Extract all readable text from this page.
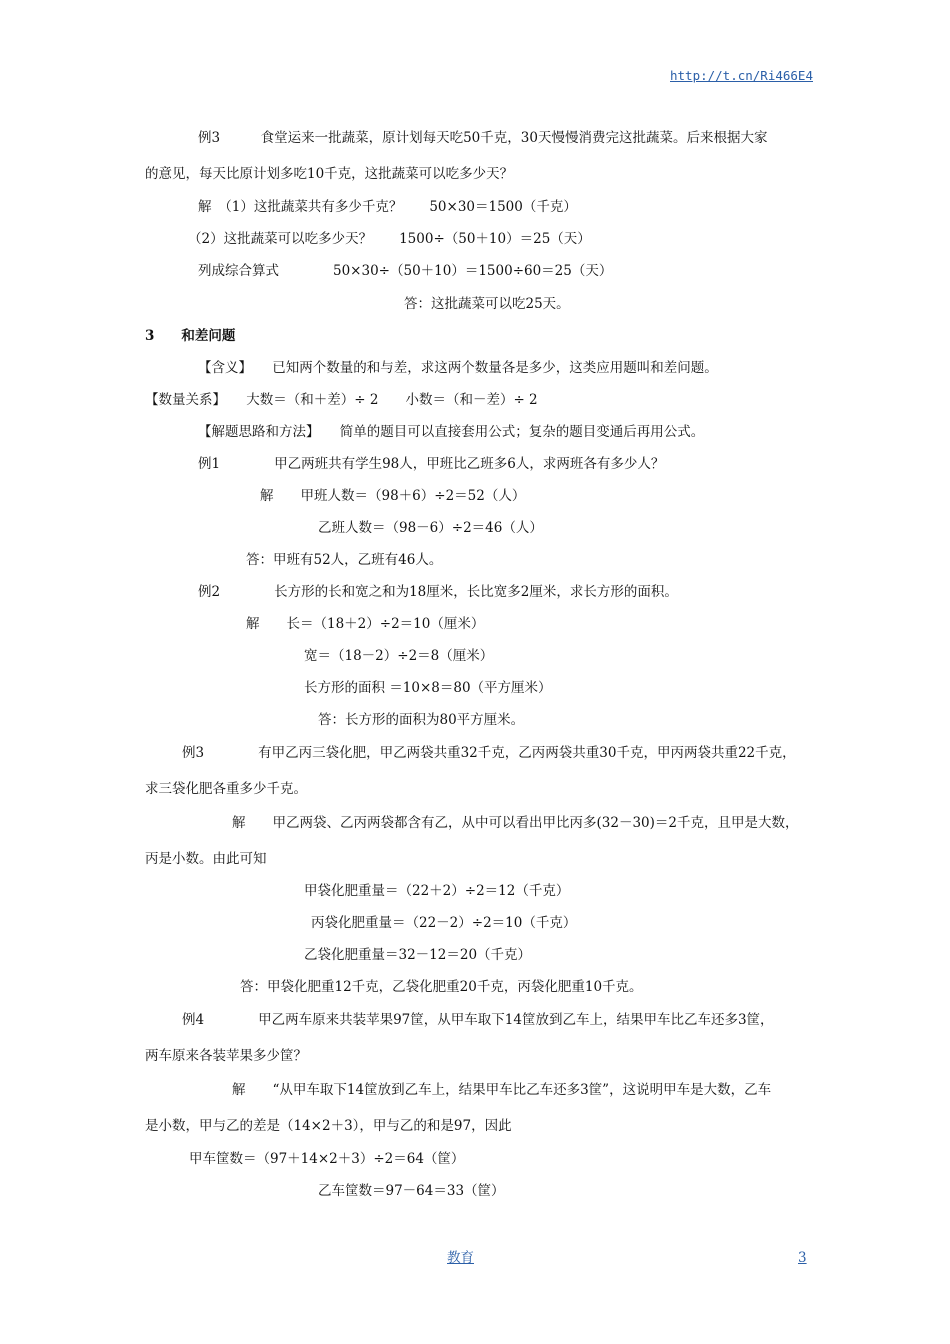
http://t.cn/Ri466E4
例3　　　食堂运来一批蔬菜，原计划每天吃50千克，30天慢慢消费完这批蔬菜。后来根据大家
的意见，每天比原计划多吃10千克，这批蔬菜可以吃多少天？
解　（1）这批蔬菜共有多少千克？　　50×30＝1500（千克）
（2）这批蔬菜可以吃多少天？　　1500÷（50＋10）＝25（天）
列成综合算式　　　　50×30÷（50＋10）＝1500÷60＝25（天）
答：这批蔬菜可以吃25天。
3　　和差问题
【含义】　　已知两个数量的和与差，求这两个数量各是多少，这类应用题叫和差问题。
【数量关系】　　大数＝（和＋差）÷ 2　　小数＝（和－差）÷ 2
【解题思路和方法】　　简单的题目可以直接套用公式；复杂的题目变通后再用公式。
例1　　　　甲乙两班共有学生98人，甲班比乙班多6人，求两班各有多少人？
解　　甲班人数＝（98＋6）÷2＝52（人）
乙班人数＝（98－6）÷2＝46（人）
答：甲班有52人，乙班有46人。
例2　　　　长方形的长和宽之和为18厘米，长比宽多2厘米，求长方形的面积。
解　　长＝（18＋2）÷2＝10（厘米）
宽＝（18－2）÷2＝8（厘米）
长方形的面积 ＝10×8＝80（平方厘米）
答：长方形的面积为80平方厘米。
例3　　　　有甲乙丙三袋化肥，甲乙两袋共重32千克，乙丙两袋共重30千克，甲丙两袋共重22千克，
求三袋化肥各重多少千克。
解　　甲乙两袋、乙丙两袋都含有乙，从中可以看出甲比丙多(32－30)＝2千克，且甲是大数，
丙是小数。由此可知
甲袋化肥重量＝（22＋2）÷2＝12（千克）
丙袋化肥重量＝（22－2）÷2＝10（千克）
乙袋化肥重量＝32－12＝20（千克）
答：甲袋化肥重12千克，乙袋化肥重20千克，丙袋化肥重10千克。
例4　　　　甲乙两车原来共装苹果97筐，从甲车取下14筐放到乙车上，结果甲车比乙车还多3筐，
两车原来各装苹果多少筐？
解　　“从甲车取下14筐放到乙车上，结果甲车比乙车还多3筐”，这说明甲车是大数，乙车
是小数，甲与乙的差是（14×2＋3），甲与乙的和是97，因此
甲车筐数＝（97＋14×2＋3）÷2＝64（筐）
乙车筐数＝97－64＝33（筐）
教育	3
